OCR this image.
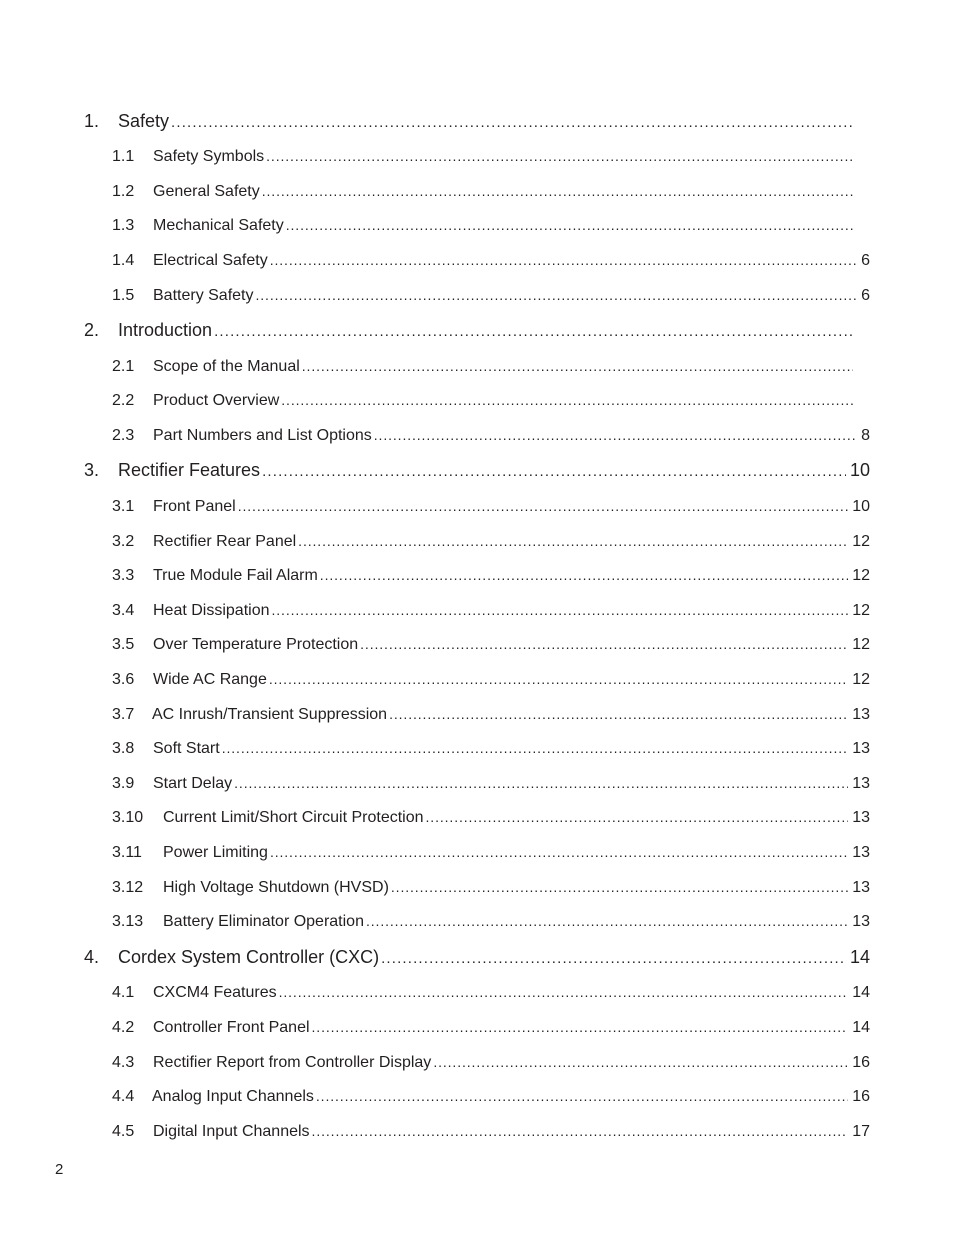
1.	Safety
. . .
1.1	Safety Symbols
. . .
1.2	General Safety
. . .
1.3	Mechanical Safety
. . .
1.4	Electrical Safety . . .	6
1.5	Battery Safety . . .	6
2.	Introduction
. . .
2.1	Scope of the Manual
. . .
2.2	Product Overview
. . .
2.3	Part Numbers and List Options . . .	8
3.	Rectifier Features . . .	10
3.1	Front Panel . . .	10
3.2	Rectifier Rear Panel . . .	12
3.3	True Module Fail Alarm . . .	12
3.4	Heat Dissipation . . .	12
3.5	Over Temperature Protection . . .	12
3.6	Wide AC Range . . .	12
3.7	AC Inrush/Transient Suppression . . .	13
3.8	Soft Start . . .	13
3.9	Start Delay . . .	13
3.10	Current Limit/Short Circuit Protection . . .	13
3.11	Power Limiting . . .	13
3.12	High Voltage Shutdown (HVSD) . . .	13
3.13	Battery Eliminator Operation . . .	13
4.	Cordex System Controller (CXC) . . .	14
4.1	CXCM4 Features . . .	14
4.2	Controller Front Panel . . .	14
4.3	Rectifier Report from Controller Display . . .	16
4.4	Analog Input Channels . . .	16
4.5	Digital Input Channels . . .	17
2
